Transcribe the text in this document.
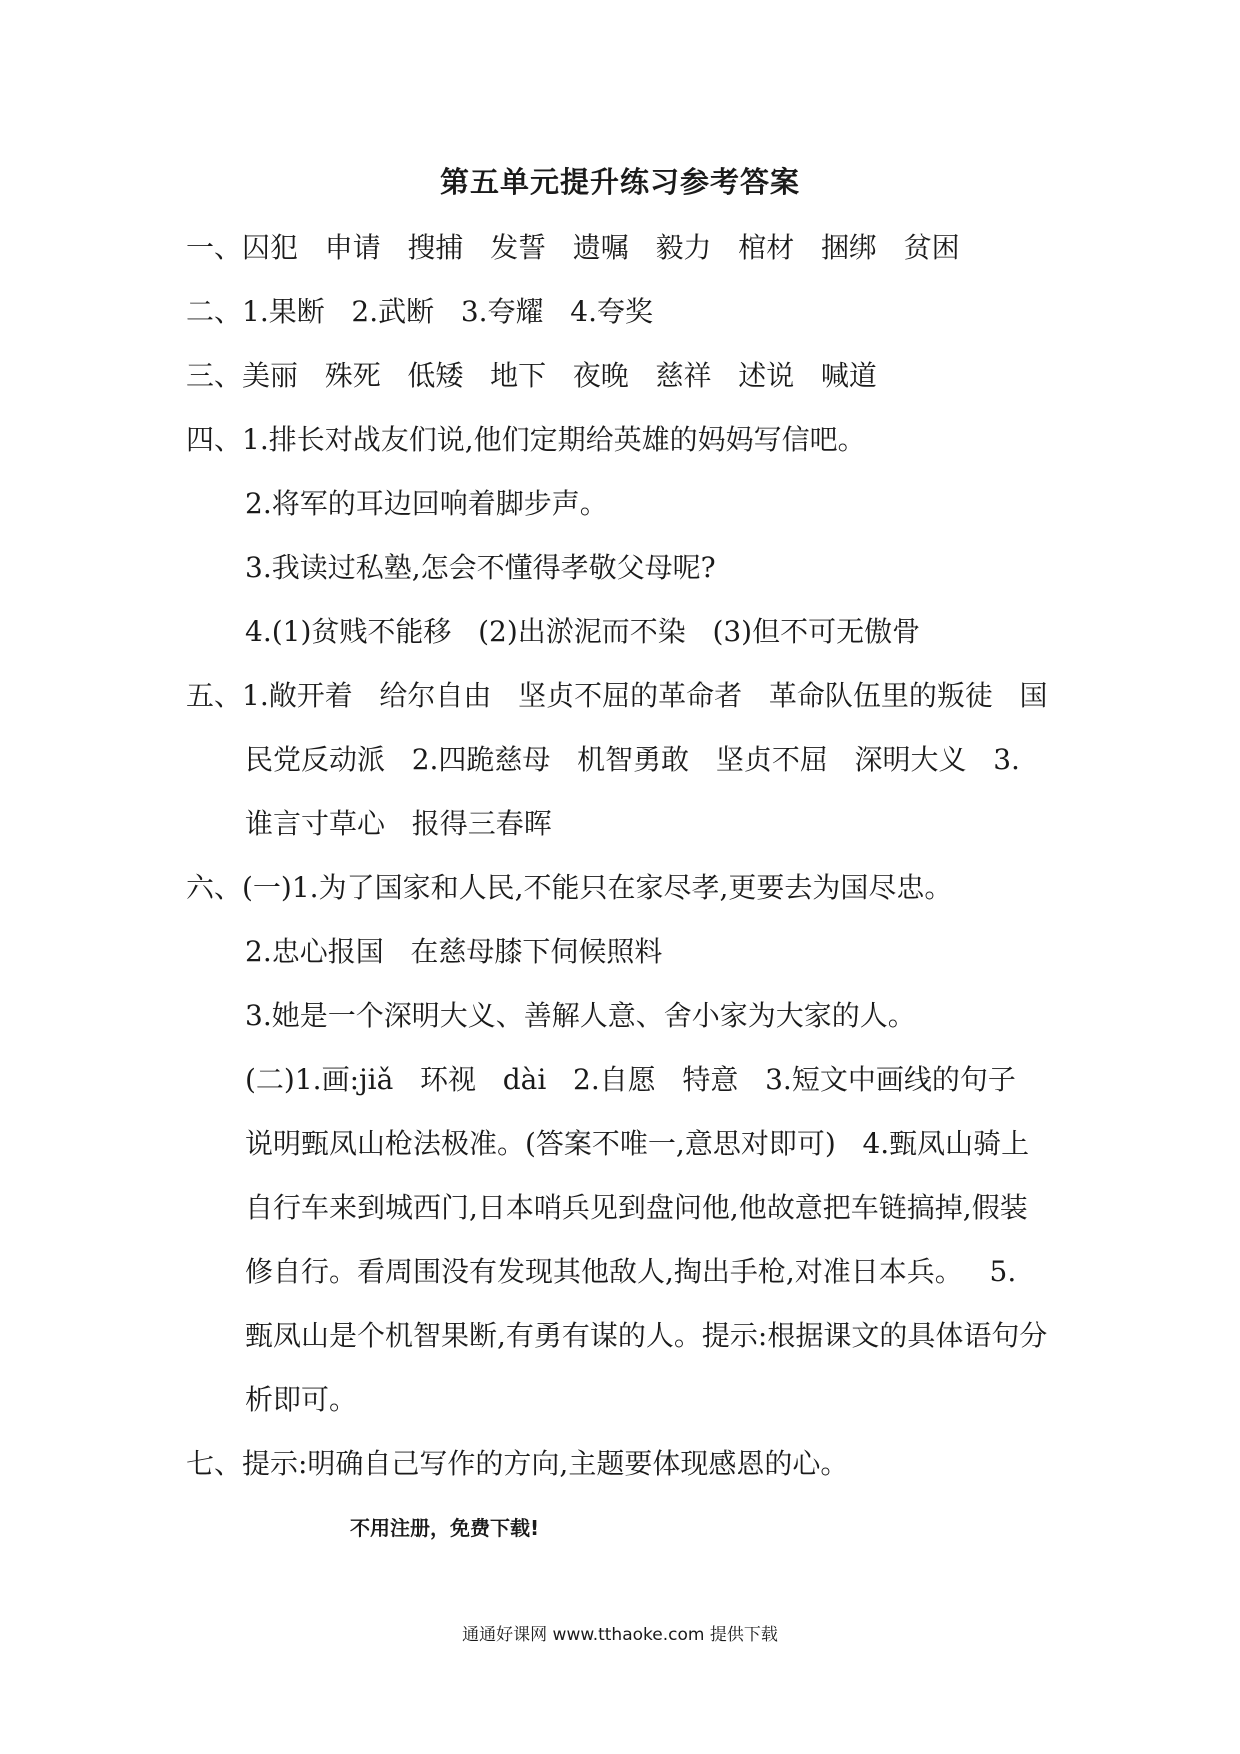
第五单元提升练习参考答案
一、囚犯   申请   搜捕   发誓   遗嘱   毅力   棺材   捆绑   贫困
二、1.果断   2.武断   3.夸耀   4.夸奖
三、美丽   殊死   低矮   地下   夜晚   慈祥   述说   喊道
四、1.排长对战友们说,他们定期给英雄的妈妈写信吧。
2.将军的耳边回响着脚步声。
3.我读过私塾,怎会不懂得孝敬父母呢?
4.(1)贫贱不能移   (2)出淤泥而不染   (3)但不可无傲骨
五、1.敞开着   给尔自由   坚贞不屈的革命者   革命队伍里的叛徒   国
民党反动派   2.四跪慈母   机智勇敢   坚贞不屈   深明大义   3.
谁言寸草心   报得三春晖
六、(一)1.为了国家和人民,不能只在家尽孝,更要去为国尽忠。
2.忠心报国   在慈母膝下伺候照料
3.她是一个深明大义、善解人意、舍小家为大家的人。
(二)1.画:jiǎ   环视   dài   2.自愿   特意   3.短文中画线的句子
说明甄凤山枪法极准。(答案不唯一,意思对即可)   4.甄凤山骑上
自行车来到城西门,日本哨兵见到盘问他,他故意把车链搞掉,假装
修自行。看周围没有发现其他敌人,掏出手枪,对准日本兵。   5.
甄凤山是个机智果断,有勇有谋的人。提示:根据课文的具体语句分
析即可。
七、提示:明确自己写作的方向,主题要体现感恩的心。
不用注册，免费下载!
通通好课网 www.tthaoke.com 提供下载
